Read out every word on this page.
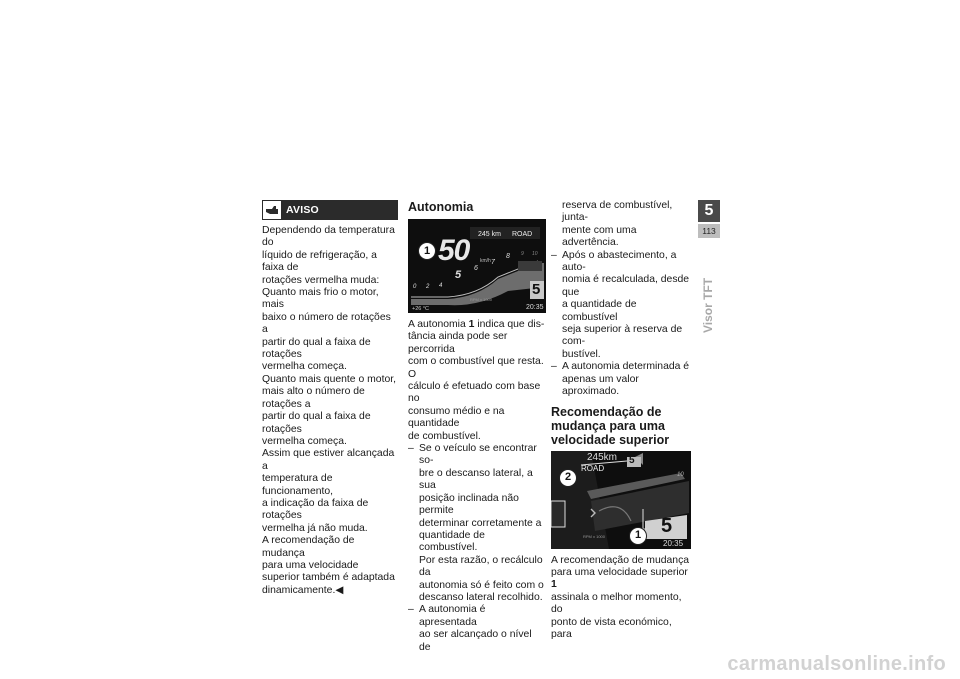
AVISO

Dependendo da temperatura do

líquido de refrigeração, a faixa de

rotações vermelha muda:

Quanto mais frio o motor, mais

baixo o número de rotações a

partir do qual a faixa de rotações

vermelha começa.

Quanto mais quente o motor,

mais alto o número de rotações a

partir do qual a faixa de rotações

vermelha começa.

Assim que estiver alcançada a

temperatura de funcionamento,

a indicação da faixa de rotações

vermelha já não muda.

A recomendação de mudança

para uma velocidade

superior também é adaptada

dinamicamente.◀

Autonomia
50 km/h
245 km ROAD
5
+26 °C	20:35
RPM x 1000
0 2 4
5
6
7
8 9 10
1

A autonomia 1 indica que dis-

tância ainda pode ser percorrida

com o combustível que resta. O

cálculo é efetuado com base no

consumo médio e na quantidade

de combustível.

– Se o veículo se encontrar so-

bre o descanso lateral, a sua

posição inclinada não permite

determinar corretamente a

quantidade de combustível.

Por esta razão, o recálculo da

autonomia só é feito com o

descanso lateral recolhido.

– A autonomia é apresentada

ao ser alcançado o nível de

reserva de combustível, junta-

mente com uma advertência.

– Após o abastecimento, a auto-

nomia é recalculada, desde que

a quantidade de combustível

seja superior à reserva de com-

bustível.

– A autonomia determinada é

apenas um valor aproximado.

Recomendação de
mudança para uma
velocidade superior
245km
ROAD
5
5
10
RPM x 1000
20:35
2
1

A recomendação de mudança

para uma velocidade superior 1

assinala o melhor momento, do

ponto de vista económico, para

5
113
Visor TFT
carmanualsonline.info
